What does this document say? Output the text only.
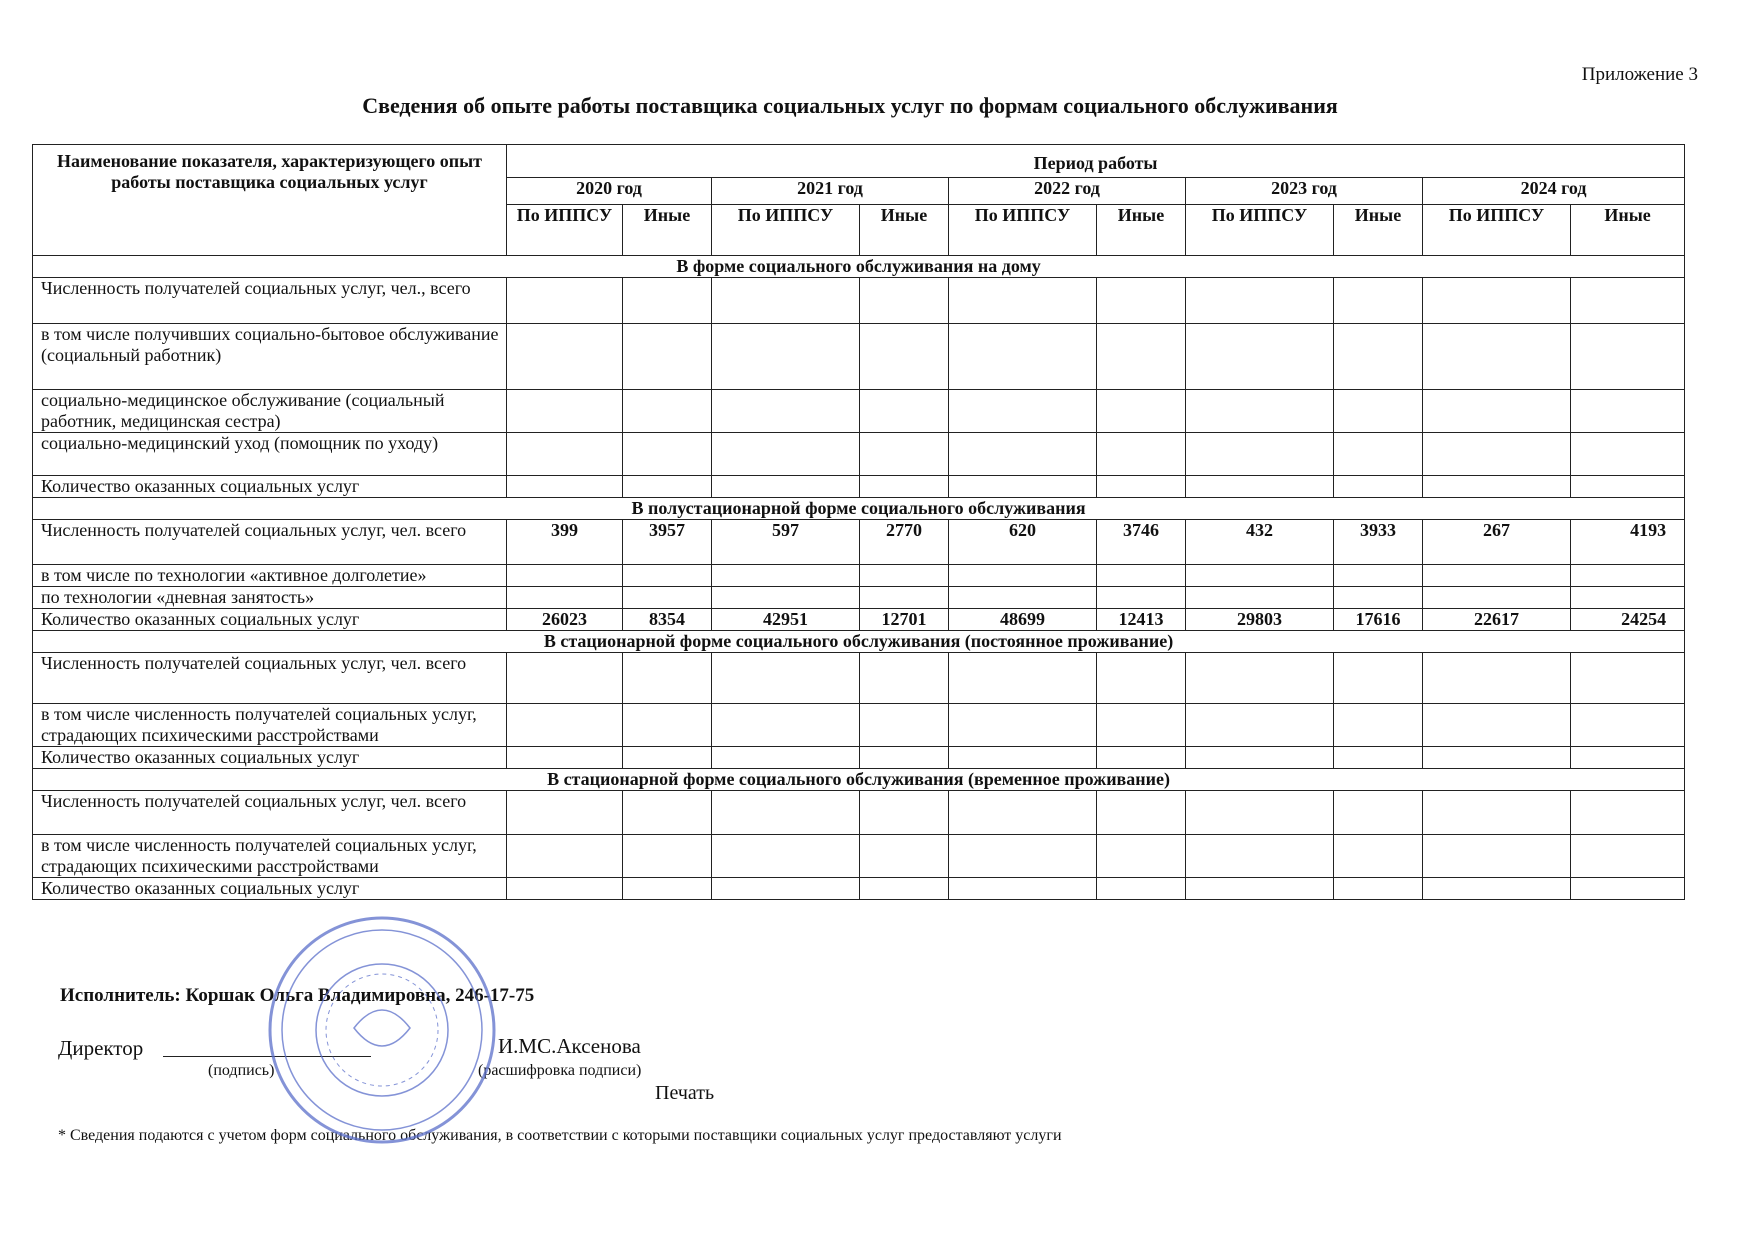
Приложение 3
Сведения об опыте работы поставщика социальных услуг по формам социального обслуживания
Наименование показателя, характеризующего опыт работы поставщика социальных услуг	Период работы									
	2020 год		2021 год		2022 год		2023 год		2024 год	
	По ИППСУ	Иные	По ИППСУ	Иные	По ИППСУ	Иные	По ИППСУ	Иные	По ИППСУ	Иные
В форме социального обслуживания на дому										
Численность получателей социальных услуг, чел., всего										
в том числе получивших социально-бытовое обслуживание (социальный работник)										
социально-медицинское обслуживание (социальный работник, медицинская сестра)										
социально-медицинский уход (помощник по уходу)										
Количество оказанных социальных услуг										
В полустационарной форме социального обслуживания										
Численность получателей социальных услуг, чел. всего	399	3957	597	2770	620	3746	432	3933	267	4193
в том числе по технологии «активное долголетие»										
по технологии «дневная занятость»										
Количество оказанных социальных услуг	26023	8354	42951	12701	48699	12413	29803	17616	22617	24254
В стационарной форме социального обслуживания (постоянное проживание)										
Численность получателей социальных услуг, чел. всего										
в том числе численность получателей социальных услуг, страдающих психическими расстройствами										
Количество оказанных социальных услуг										
В стационарной форме социального обслуживания (временное проживание)										
Численность получателей социальных услуг, чел. всего										
в том числе численность получателей социальных услуг, страдающих психическими расстройствами										
Количество оказанных социальных услуг										
Исполнитель: Коршак Ольга Владимировна, 246-17-75
Директор	И.МС.Аксенова
(подпись)	(расшифровка подписи)
Печать
* Сведения подаются с учетом форм социального обслуживания, в соответствии с которыми поставщики социальных услуг предоставляют услуги
